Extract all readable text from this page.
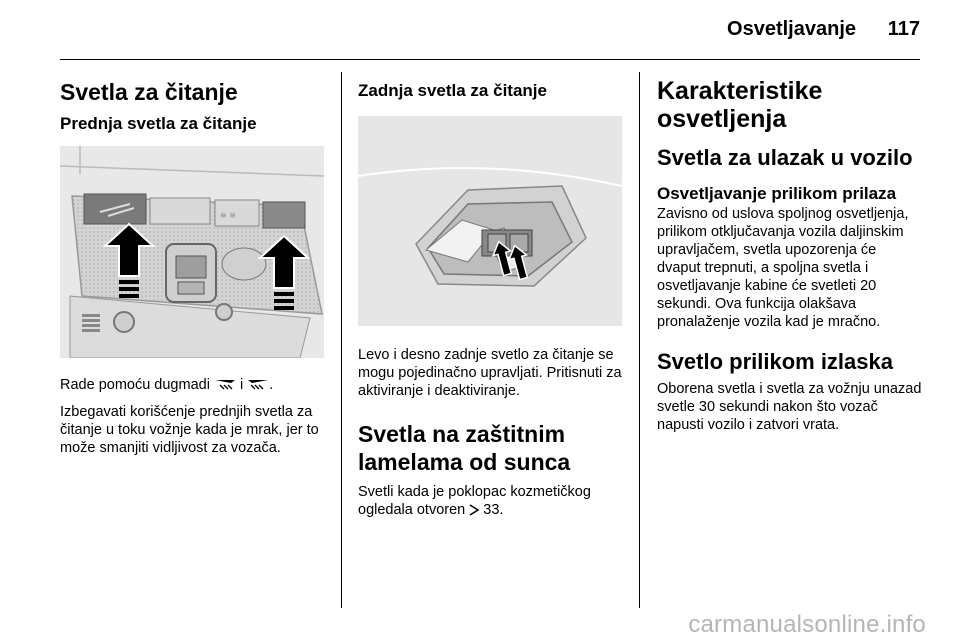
Osvetljavanje 117
Svetla za čitanje
Prednja svetla za čitanje
≋ ≋
Rade pomoću dugmadi i .
Izbegavati korišćenje prednjih svetla za čitanje u toku vožnje kada je mrak, jer to može smanjiti vidljivost za vozača.
Zadnja svetla za čitanje
Levo i desno zadnje svetlo za čitanje se mogu pojedinačno upravljati. Pritisnuti za aktiviranje i deaktiviranje.
Svetla na zaštitnim lamelama od sunca
Svetli kada je poklopac kozmetičkog ogledala otvoren 33.
Karakteristike osvetljenja
Svetla za ulazak u vozilo
Osvetljavanje prilikom prilaza
Zavisno od uslova spoljnog osvetljenja, prilikom otključavanja vozila daljinskim upravljačem, svetla upozorenja će dvaput trepnuti, a spoljna svetla i osvetljavanje kabine će svetleti 20 sekundi. Ova funkcija olakšava pronalaženje vozila kad je mračno.
Svetlo prilikom izlaska
Oborena svetla i svetla za vožnju unazad svetle 30 sekundi nakon što vozač napusti vozilo i zatvori vrata.
carmanualsonline.info
